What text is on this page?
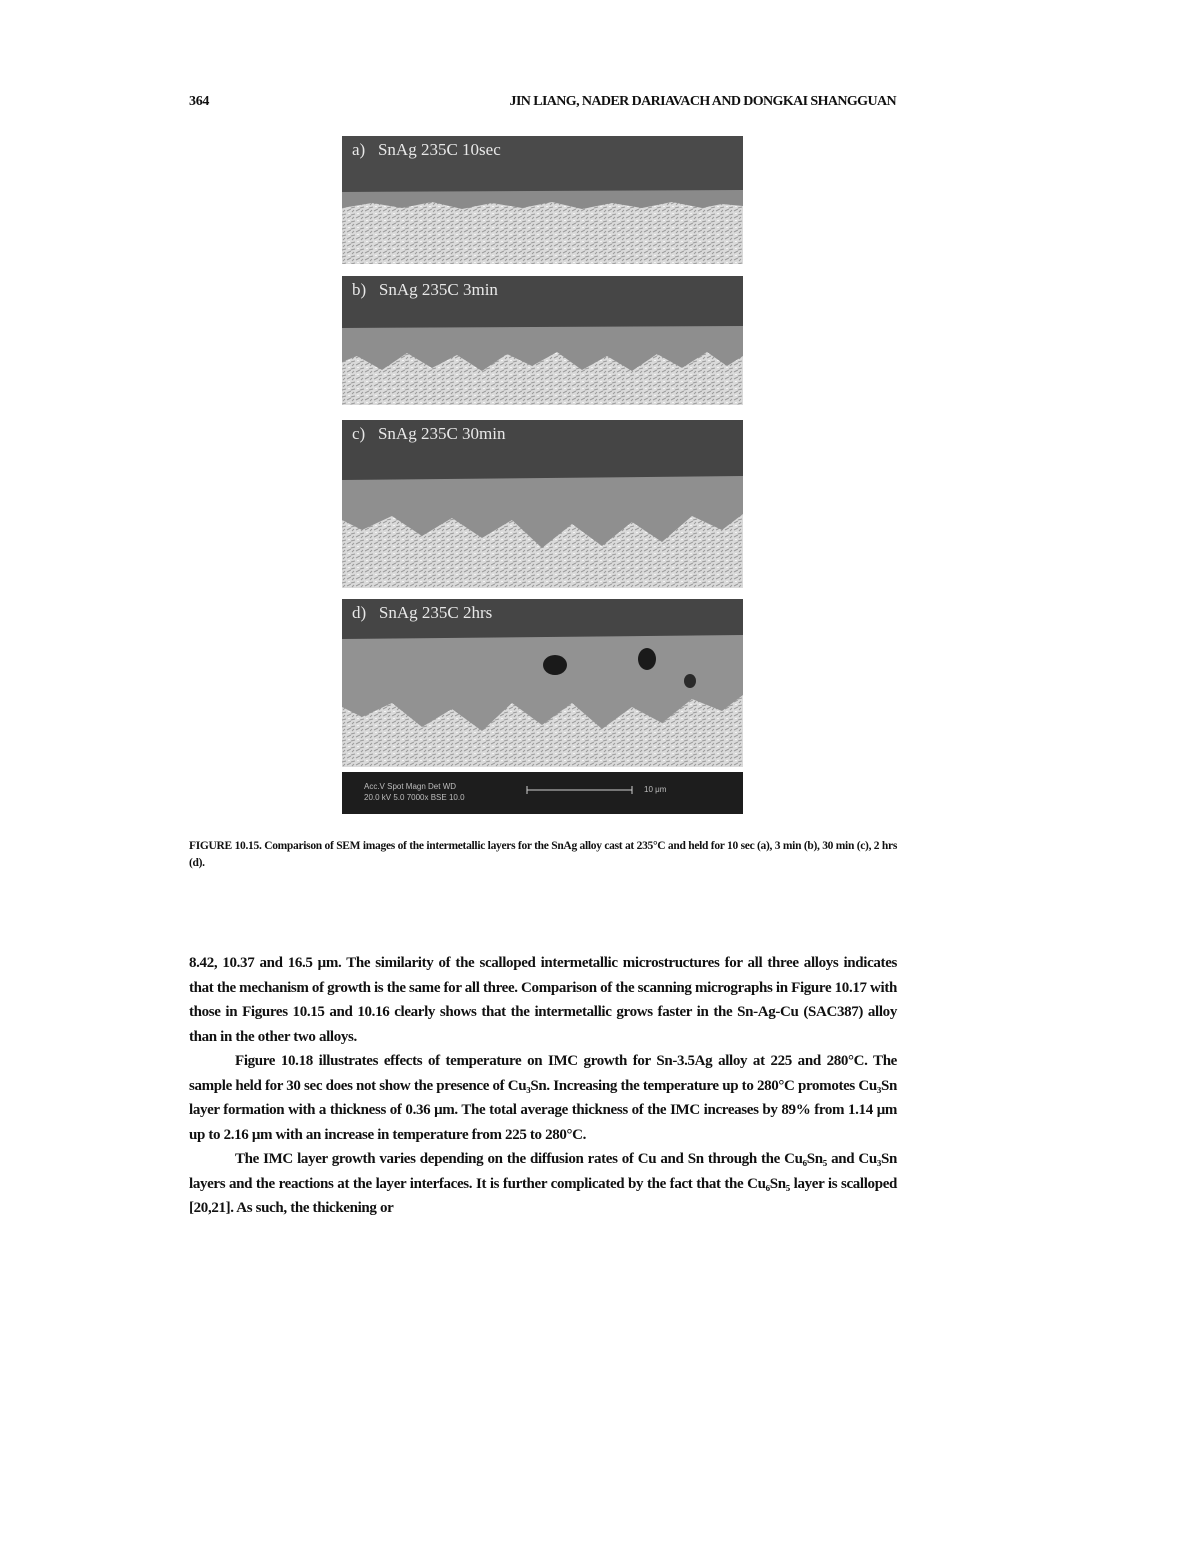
364	JIN LIANG, NADER DARIAVACH AND DONGKAI SHANGGUAN
a)   SnAg 235C 10sec
b)   SnAg 235C 3min
c)   SnAg 235C 30min
d)   SnAg 235C 2hrs
Acc.V Spot Magn Det WD
20.0 kV 5.0 7000x BSE 10.0
10 μm
FIGURE 10.15. Comparison of SEM images of the intermetallic layers for the SnAg alloy cast at 235°C and held for 10 sec (a), 3 min (b), 30 min (c), 2 hrs (d).

8.42, 10.37 and 16.5 μm. The similarity of the scalloped intermetallic microstructures for all three alloys indicates that the mechanism of growth is the same for all three. Comparison of the scanning micrographs in Figure 10.17 with those in Figures 10.15 and 10.16 clearly shows that the intermetallic grows faster in the Sn-Ag-Cu (SAC387) alloy than in the other two alloys.

Figure 10.18 illustrates effects of temperature on IMC growth for Sn-3.5Ag alloy at 225 and 280°C. The sample held for 30 sec does not show the presence of Cu₃Sn. Increasing the temperature up to 280°C promotes Cu₃Sn layer formation with a thickness of 0.36 μm. The total average thickness of the IMC increases by 89% from 1.14 μm up to 2.16 μm with an increase in temperature from 225 to 280°C.

The IMC layer growth varies depending on the diffusion rates of Cu and Sn through the Cu₆Sn₅ and Cu₃Sn layers and the reactions at the layer interfaces. It is further complicated by the fact that the Cu₆Sn₅ layer is scalloped [20,21]. As such, the thickening or
